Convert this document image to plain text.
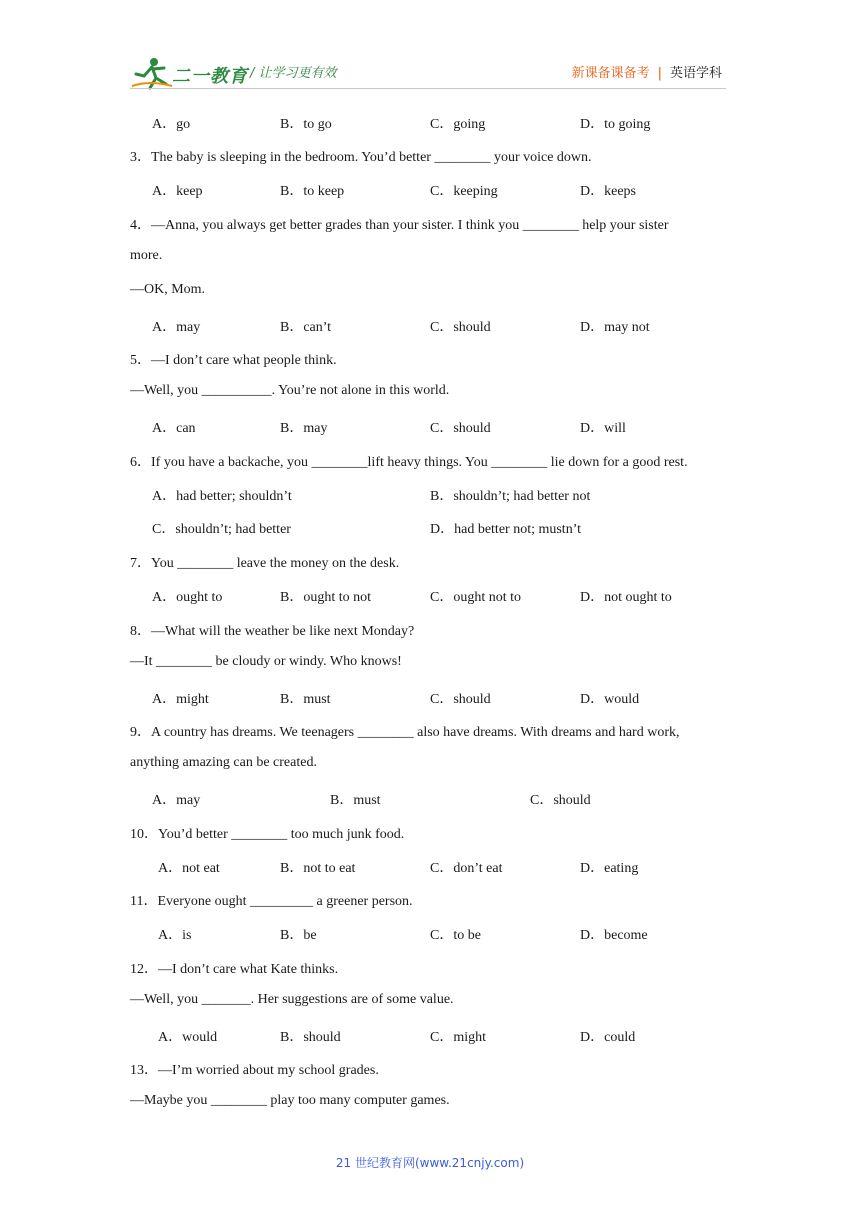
二一教育 / 让学习更有效	新课备课备考 | 英语学科
3．The baby is sleeping in the bedroom. You’d better ________ your voice down.
4．—Anna, you always get better grades than your sister. I think you ________ help your sister
more.
—OK, Mom.
5．—I don’t care what people think.
—Well, you __________. You’re not alone in this world.
6．If you have a backache, you ________lift heavy things. You ________ lie down for a good rest.
7．You ________ leave the money on the desk.
8．—What will the weather be like next Monday?
—It ________ be cloudy or windy. Who knows!
9．A country has dreams. We teenagers ________ also have dreams. With dreams and hard work,
anything amazing can be created.
10．You’d better ________ too much junk food.
11．Everyone ought _________ a greener person.
12．—I don’t care what Kate thinks.
—Well, you _______. Her suggestions are of some value.
13．—I’m worried about my school grades.
—Maybe you ________ play too many computer games.
A．go	B．to go	C．going	D．to going
A．keep	B．to keep	C．keeping	D．keeps
A．may	B．can’t	C．should	D．may not
A．can	B．may	C．should	D．will
A．had better; shouldn’t	B．shouldn’t; had better not
C．shouldn’t; had better	D．had better not; mustn’t
A．ought to	B．ought to not	C．ought not to	D．not ought to
A．might	B．must	C．should	D．would
A．may	B．must	C．should
A．not eat	B．not to eat	C．don’t eat	D．eating
A．is	B．be	C．to be	D．become
A．would	B．should	C．might	D．could
21 世纪教育网(www.21cnjy.com)
